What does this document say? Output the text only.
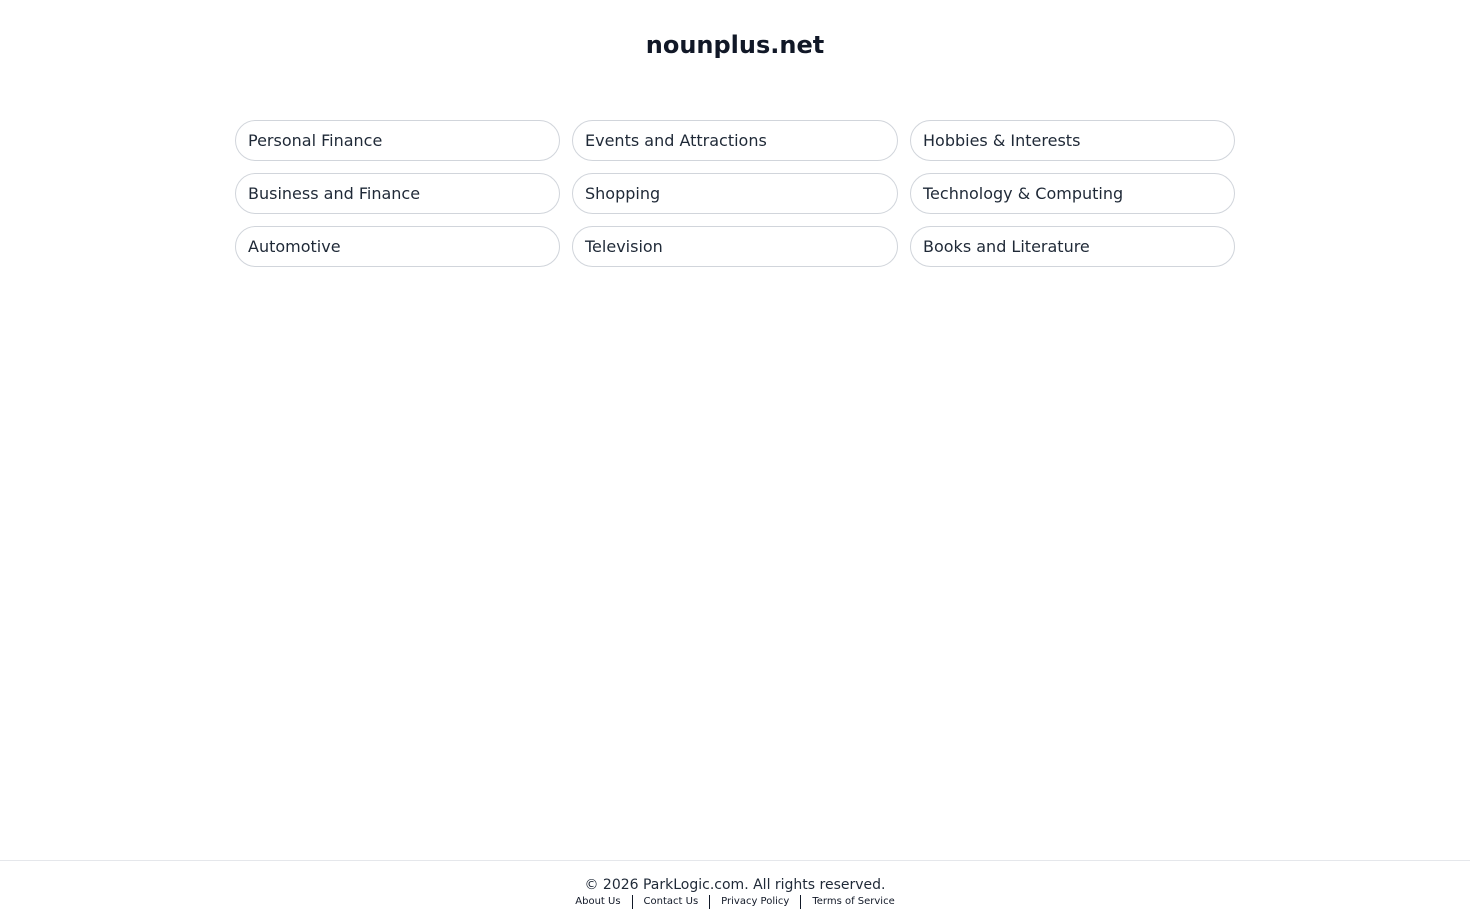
nounplus.net
Personal Finance	Events and Attractions	Hobbies & Interests
Business and Finance	Shopping	Technology & Computing
Automotive	Television	Books and Literature
© 2026 ParkLogic.com. All rights reserved.
About Us	Contact Us	Privacy Policy	Terms of Service
